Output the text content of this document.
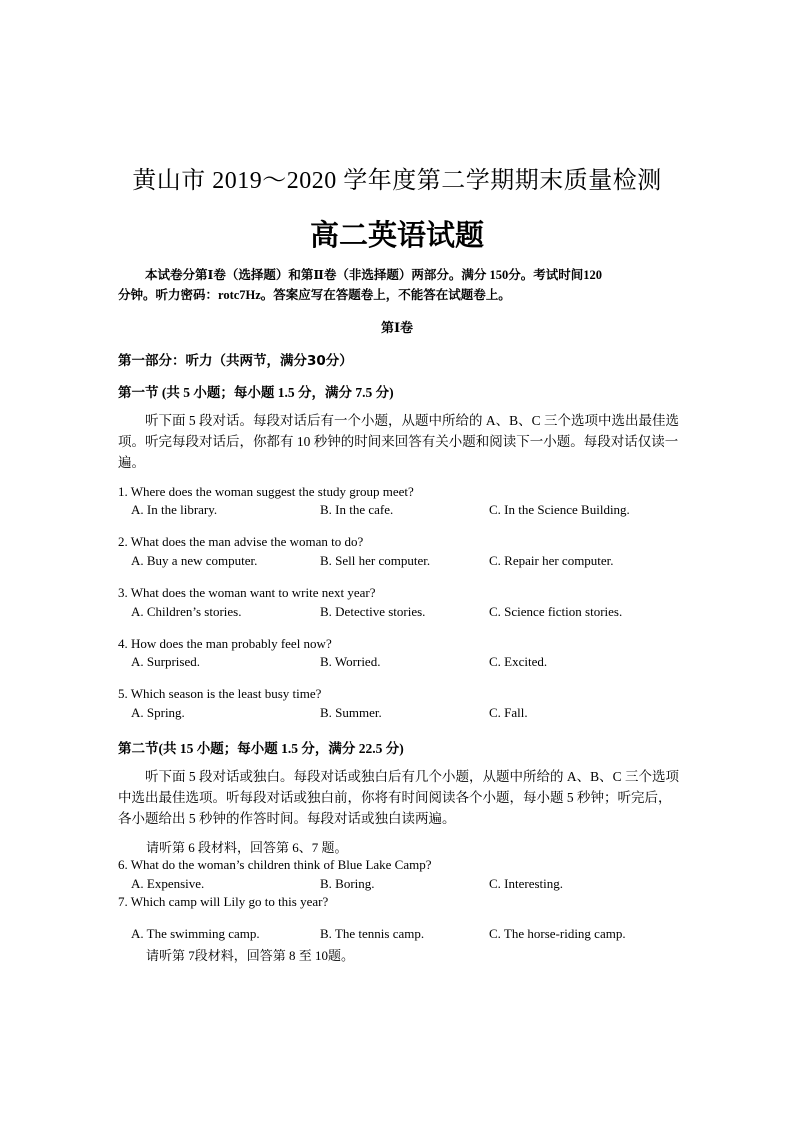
黄山市 2019～2020 学年度第二学期期末质量检测
高二英语试题
本试卷分第Ⅰ卷（选择题）和第Ⅱ卷（非选择题）两部分。满分 150分。考试时间120
分钟。听力密码：rotc7Hz。答案应写在答题卷上，不能答在试题卷上。
第Ⅰ卷
第一部分：听力（共两节，满分30分）
第一节 (共 5 小题；每小题 1.5 分，满分 7.5 分)
听下面 5 段对话。每段对话后有一个小题，从题中所给的 A、B、C 三个选项中选出最佳选项。听完每段对话后，你都有 10 秒钟的时间来回答有关小题和阅读下一小题。每段对话仅读一遍。
1. Where does the woman suggest the study group meet?
A. In the library.	B. In the cafe.	C. In the Science Building.
2. What does the man advise the woman to do?
A. Buy a new computer.	B. Sell her computer.	C. Repair her computer.
3. What does the woman want to write next year?
A. Children’s stories.	B. Detective stories.	C. Science fiction stories.
4. How does the man probably feel now?
A. Surprised.	B. Worried.	C. Excited.
5. Which season is the least busy time?
A. Spring.	B. Summer.	C. Fall.
第二节(共 15 小题；每小题 1.5 分，满分 22.5 分)
听下面 5 段对话或独白。每段对话或独白后有几个小题，从题中所给的 A、B、C 三个选项中选出最佳选项。听每段对话或独白前，你将有时间阅读各个小题，每小题 5 秒钟；听完后，各小题给出 5 秒钟的作答时间。每段对话或独白读两遍。
请听第 6 段材料，回答第 6、7 题。
6. What do the woman’s children think of Blue Lake Camp?
A. Expensive.	B. Boring.	C. Interesting.
7. Which camp will Lily go to this year?
A. The swimming camp.	B. The tennis camp.	C. The horse-riding camp.
请听第 7段材料，回答第 8 至 10题。
